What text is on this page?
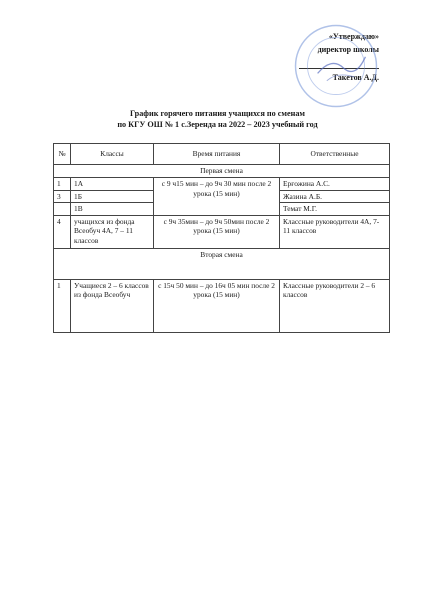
«Утверждаю»
директор школы
Такетов А.Д.
График горячего питания учащихся по сменам
по КГУ ОШ № 1 с.Зеренда на 2022 – 2023 учебный год
№	Классы	Время питания	Ответственные
Первая смена			
1	1А	с 9 ч15 мин – до 9ч 30 мин после 2 урока (15 мин)	Ерғожина А.С.
3	1Б		Жазина А.Б.
	1В		Темат М.Г.
4	учащихся из фонда Всеобуч 4А, 7 – 11 классов	с 9ч 35мин – до 9ч 50мин после 2 урока (15 мин)	Классные руководители 4А, 7-11 классов
Вторая смена			
1	Учащиеся 2 – 6 классов из фонда Всеобуч	с 15ч 50 мин – до 16ч 05 мин после 2 урока (15 мин)	Классные руководители 2 – 6 классов
